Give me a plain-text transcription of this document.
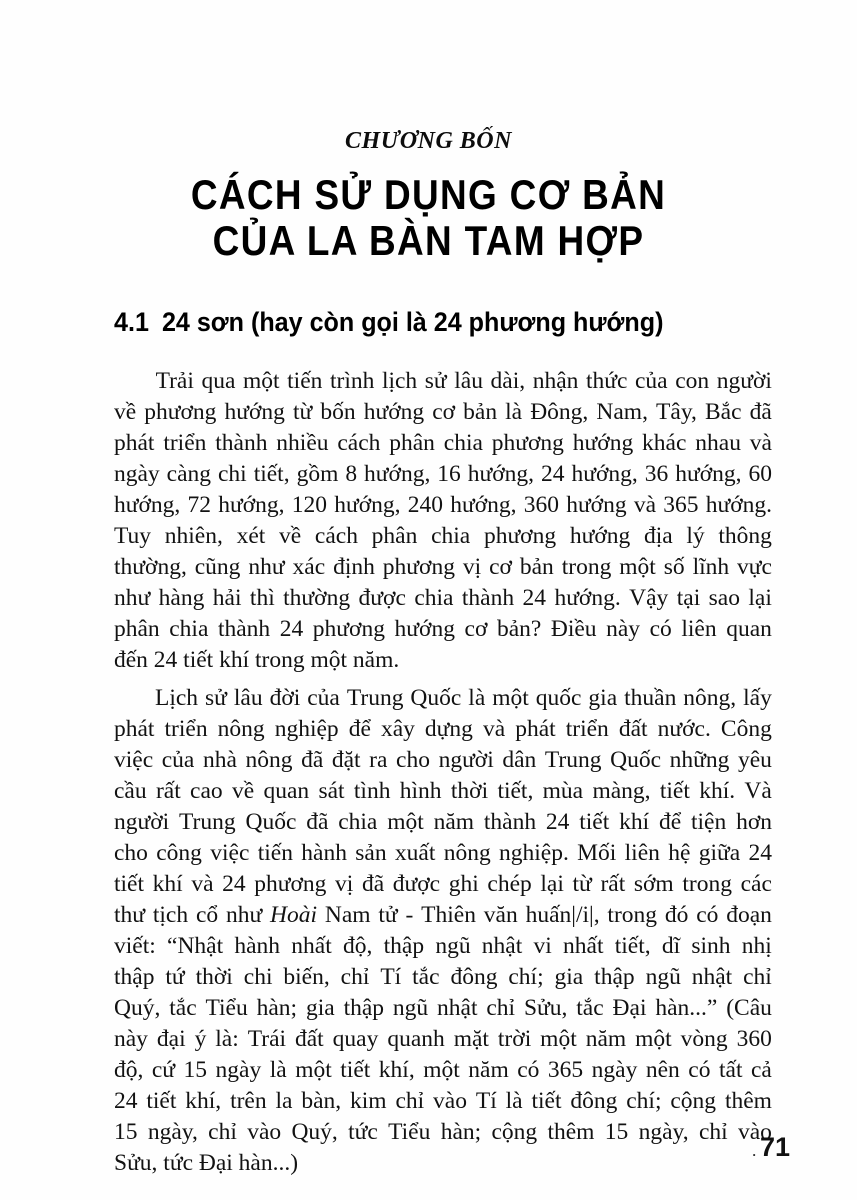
CHƯƠNG BỐN
CÁCH SỬ DỤNG CƠ BẢN
CỦA LA BÀN TAM HỢP
4.1 24 sơn (hay còn gọi là 24 phương hướng)

Trải qua một tiến trình lịch sử lâu dài, nhận thức của con người
về phương hướng từ bốn hướng cơ bản là Đông, Nam, Tây, Bắc đã
phát triển thành nhiều cách phân chia phương hướng khác nhau và
ngày càng chi tiết, gồm 8 hướng, 16 hướng, 24 hướng, 36 hướng, 60
hướng, 72 hướng, 120 hướng, 240 hướng, 360 hướng và 365 hướng.
Tuy nhiên, xét về cách phân chia phương hướng địa lý thông
thường, cũng như xác định phương vị cơ bản trong một số lĩnh vực
như hàng hải thì thường được chia thành 24 hướng. Vậy tại sao lại
phân chia thành 24 phương hướng cơ bản? Điều này có liên quan
đến 24 tiết khí trong một năm.

Lịch sử lâu đời của Trung Quốc là một quốc gia thuần nông, lấy
phát triển nông nghiệp để xây dựng và phát triển đất nước. Công
việc của nhà nông đã đặt ra cho người dân Trung Quốc những yêu
cầu rất cao về quan sát tình hình thời tiết, mùa màng, tiết khí. Và
người Trung Quốc đã chia một năm thành 24 tiết khí để tiện hơn
cho công việc tiến hành sản xuất nông nghiệp. Mối liên hệ giữa 24
tiết khí và 24 phương vị đã được ghi chép lại từ rất sớm trong các
thư tịch cổ như Hoài Nam tử - Thiên văn huấn|/i|, trong đó có đoạn
viết: “Nhật hành nhất độ, thập ngũ nhật vi nhất tiết, dĩ sinh nhị
thập tứ thời chi biến, chỉ Tí tắc đông chí; gia thập ngũ nhật chỉ
Quý, tắc Tiểu hàn; gia thập ngũ nhật chỉ Sửu, tắc Đại hàn...” (Câu
này đại ý là: Trái đất quay quanh mặt trời một năm một vòng 360
độ, cứ 15 ngày là một tiết khí, một năm có 365 ngày nên có tất cả
24 tiết khí, trên la bàn, kim chỉ vào Tí là tiết đông chí; cộng thêm
15 ngày, chỉ vào Quý, tức Tiểu hàn; cộng thêm 15 ngày, chỉ vào
Sửu, tức Đại hàn...)	. 71
